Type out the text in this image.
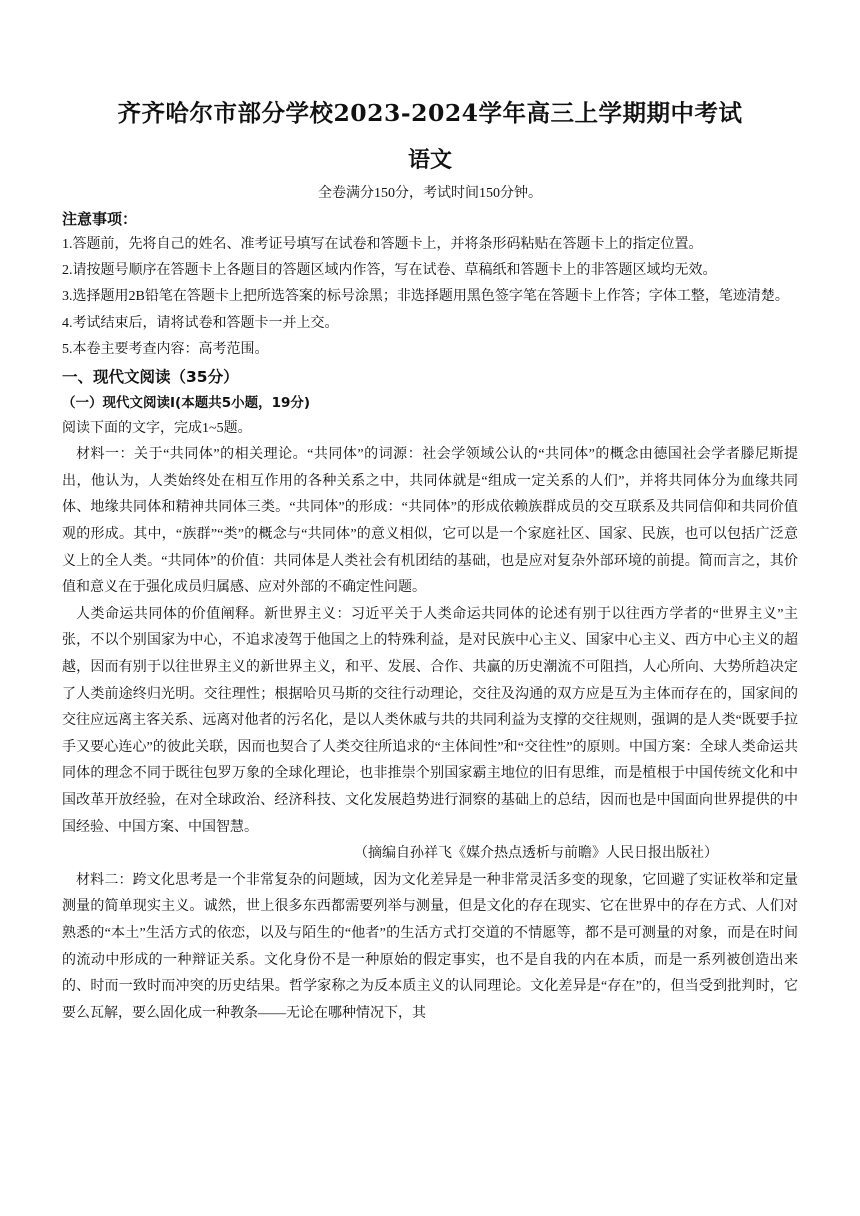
齐齐哈尔市部分学校2023-2024学年高三上学期期中考试
语文
全卷满分150分，考试时间150分钟。
注意事项：
1.答题前，先将自己的姓名、准考证号填写在试卷和答题卡上，并将条形码粘贴在答题卡上的指定位置。
2.请按题号顺序在答题卡上各题目的答题区域内作答，写在试卷、草稿纸和答题卡上的非答题区域均无效。
3.选择题用2B铅笔在答题卡上把所选答案的标号涂黑；非选择题用黑色签字笔在答题卡上作答；字体工整，笔迹清楚。
4.考试结束后，请将试卷和答题卡一并上交。
5.本卷主要考查内容：高考范围。
一、现代文阅读（35分）
（一）现代文阅读Ⅰ(本题共5小题，19分)
阅读下面的文字，完成1~5题。

材料一：关于“共同体”的相关理论。“共同体”的词源：社会学领域公认的“共同体”的概念由德国社会学者滕尼斯提出，他认为，人类始终处在相互作用的各种关系之中，共同体就是“组成一定关系的人们”，并将共同体分为血缘共同体、地缘共同体和精神共同体三类。“共同体”的形成：“共同体”的形成依赖族群成员的交互联系及共同信仰和共同价值观的形成。其中，“族群”“类”的概念与“共同体”的意义相似，它可以是一个家庭社区、国家、民族，也可以包括广泛意义上的全人类。“共同体”的价值：共同体是人类社会有机团结的基础，也是应对复杂外部环境的前提。简而言之，其价值和意义在于强化成员归属感、应对外部的不确定性问题。

人类命运共同体的价值阐释。新世界主义：习近平关于人类命运共同体的论述有别于以往西方学者的“世界主义”主张，不以个别国家为中心，不追求凌驾于他国之上的特殊利益，是对民族中心主义、国家中心主义、西方中心主义的超越，因而有别于以往世界主义的新世界主义，和平、发展、合作、共赢的历史潮流不可阻挡，人心所向、大势所趋决定了人类前途终归光明。交往理性；根据哈贝马斯的交往行动理论，交往及沟通的双方应是互为主体而存在的，国家间的交往应远离主客关系、远离对他者的污名化，是以人类休戚与共的共同利益为支撑的交往规则，强调的是人类“既要手拉手又要心连心”的彼此关联，因而也契合了人类交往所追求的“主体间性”和“交往性”的原则。中国方案：全球人类命运共同体的理念不同于既往包罗万象的全球化理论，也非推崇个别国家霸主地位的旧有思维，而是植根于中国传统文化和中国改革开放经验，在对全球政治、经济科技、文化发展趋势进行洞察的基础上的总结，因而也是中国面向世界提供的中国经验、中国方案、中国智慧。

（摘编自孙祥飞《媒介热点透析与前瞻》人民日报出版社）

材料二：跨文化思考是一个非常复杂的问题域，因为文化差异是一种非常灵活多变的现象，它回避了实证枚举和定量测量的简单现实主义。诚然，世上很多东西都需要列举与测量，但是文化的存在现实、它在世界中的存在方式、人们对熟悉的“本土”生活方式的依恋，以及与陌生的“他者”的生活方式打交道的不情愿等，都不是可测量的对象，而是在时间的流动中形成的一种辩证关系。文化身份不是一种原始的假定事实，也不是自我的内在本质，而是一系列被创造出来的、时而一致时而冲突的历史结果。哲学家称之为反本质主义的认同理论。文化差异是“存在”的，但当受到批判时，它要么瓦解，要么固化成一种教条——无论在哪种情况下，其
